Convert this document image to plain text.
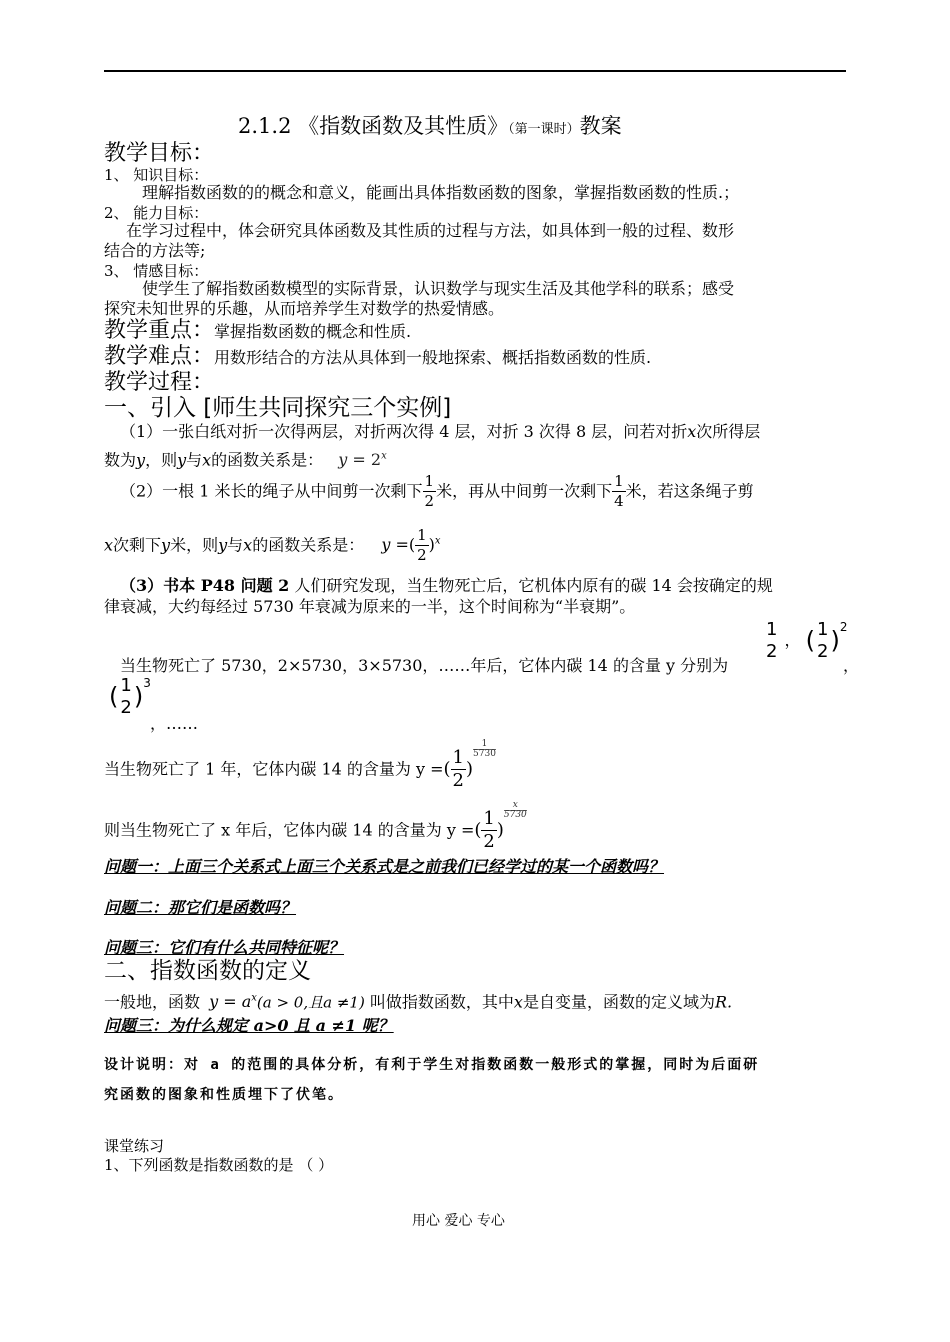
2.1.2 《指数函数及其性质》（第一课时）教案
教学目标：
1、 知识目标：
理解指数函数的的概念和意义，能画出具体指数函数的图象，掌握指数函数的性质.；
2、 能力目标：
在学习过程中，体会研究具体函数及其性质的过程与方法，如具体到一般的过程、数形
结合的方法等;
3、 情感目标：
使学生了解指数函数模型的实际背景，认识数学与现实生活及其他学科的联系；感受
探究未知世界的乐趣，从而培养学生对数学的热爱情感。
教学重点：掌握指数函数的概念和性质.
教学难点：用数形结合的方法从具体到一般地探索、概括指数函数的性质.
教学过程：
一、引入 [师生共同探究三个实例]
（1）一张白纸对折一次得两层，对折两次得 4 层，对折 3 次得 8 层，问若对折x次所得层
数为y，则y与x的函数关系是： $y = 2^x$
（2）一根 1 米长的绳子从中间剪一次剩下 $\frac{1}{2}$ 米，再从中间剪一次剩下 $\frac{1}{4}$ 米，若这条绳子剪
x次剩下y米，则y与x的函数关系是： y =( $\frac{1}{2} )^x$
（3）书本 P48 问题 2 人们研究发现，当生物死亡后，它机体内原有的碳 14 会按确定的规
律衰减，大约每经过 5730 年衰减为原来的一半，这个时间称为“半衰期”。
当生物死亡了 5730，2×5730，3×5730，……年后，它体内碳 14 的含量 y 分别为
1
2
， ( 1
2 )$^2$
，
( 1
2 )$^3$
，……
当生物死亡了 1 年，它体内碳 14 的含量为 y =( $\frac{1}{2}$ )
$\frac{1}{5730}$
则当生物死亡了 x 年后，它体内碳 14 的含量为 y =( $\frac{1}{2}$ )
$\frac{x}{5730}$
问题一：上面三个关系式上面三个关系式是之前我们已经学过的某一个函数吗？
问题二：那它们是函数吗？
问题三：它们有什么共同特征呢？
二、指数函数的定义
一般地，函数 $y = a^x(a > 0$,且a ≠1) 叫做指数函数，其中x是自变量，函数的定义域为R.
问题三：为什么规定 a>0 且 a ≠1 呢？
设计说明：对 a 的范围的具体分析，有利于学生对指数函数一般形式的掌握，同时为后面研
究函数的图象和性质埋下了伏笔。
课堂练习
1、下列函数是指数函数的是 （ ）
用心 爱心 专心
